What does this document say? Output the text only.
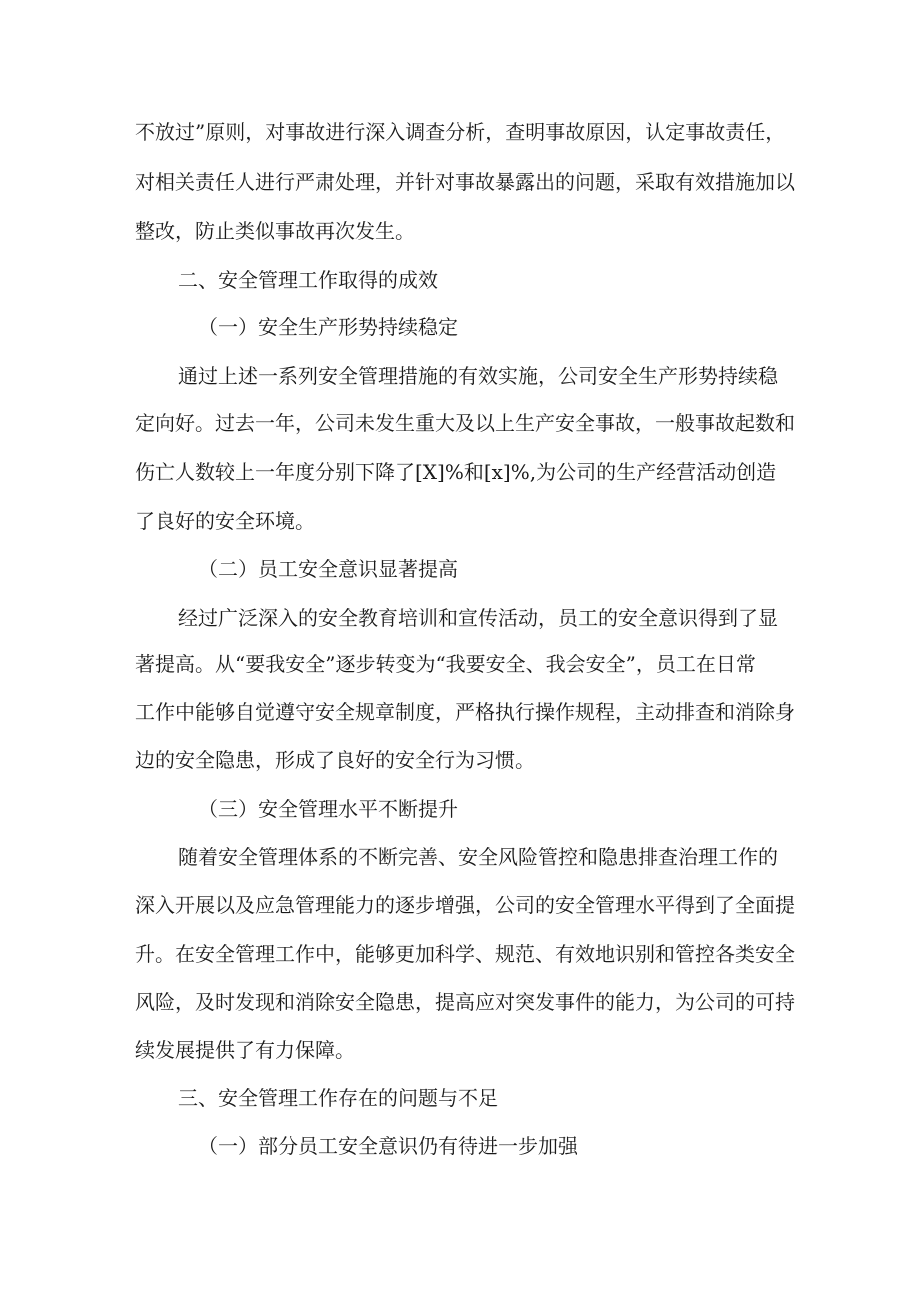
不放过”原则，对事故进行深入调查分析，查明事故原因，认定事故责任，
对相关责任人进行严肃处理，并针对事故暴露出的问题，采取有效措施加以
整改，防止类似事故再次发生。
二、安全管理工作取得的成效
（一）安全生产形势持续稳定
通过上述一系列安全管理措施的有效实施，公司安全生产形势持续稳
定向好。过去一年，公司未发生重大及以上生产安全事故，一般事故起数和
伤亡人数较上一年度分别下降了[X]%和[x]%,为公司的生产经营活动创造
了良好的安全环境。
（二）员工安全意识显著提高
经过广泛深入的安全教育培训和宣传活动，员工的安全意识得到了显
著提高。从“要我安全”逐步转变为“我要安全、我会安全”，员工在日常
工作中能够自觉遵守安全规章制度，严格执行操作规程，主动排查和消除身
边的安全隐患，形成了良好的安全行为习惯。
（三）安全管理水平不断提升
随着安全管理体系的不断完善、安全风险管控和隐患排查治理工作的
深入开展以及应急管理能力的逐步增强，公司的安全管理水平得到了全面提
升。在安全管理工作中，能够更加科学、规范、有效地识别和管控各类安全
风险，及时发现和消除安全隐患，提高应对突发事件的能力，为公司的可持
续发展提供了有力保障。
三、安全管理工作存在的问题与不足
（一）部分员工安全意识仍有待进一步加强
